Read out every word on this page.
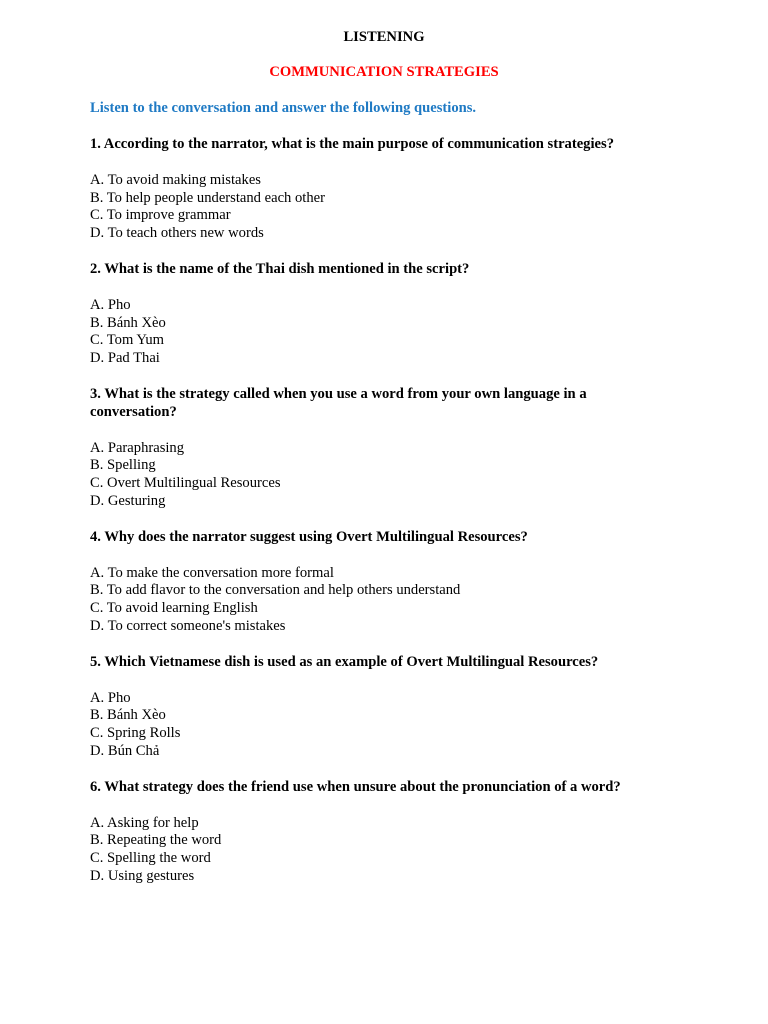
LISTENING
COMMUNICATION STRATEGIES
Listen to the conversation and answer the following questions.
1. According to the narrator, what is the main purpose of communication strategies?
A. To avoid making mistakes
B. To help people understand each other
C. To improve grammar
D. To teach others new words
2. What is the name of the Thai dish mentioned in the script?
A. Pho
B. Bánh Xèo
C. Tom Yum
D. Pad Thai
3. What is the strategy called when you use a word from your own language in a conversation?
A. Paraphrasing
B. Spelling
C. Overt Multilingual Resources
D. Gesturing
4. Why does the narrator suggest using Overt Multilingual Resources?
A. To make the conversation more formal
B. To add flavor to the conversation and help others understand
C. To avoid learning English
D. To correct someone's mistakes
5. Which Vietnamese dish is used as an example of Overt Multilingual Resources?
A. Pho
B. Bánh Xèo
C. Spring Rolls
D. Bún Chả
6. What strategy does the friend use when unsure about the pronunciation of a word?
A. Asking for help
B. Repeating the word
C. Spelling the word
D. Using gestures
